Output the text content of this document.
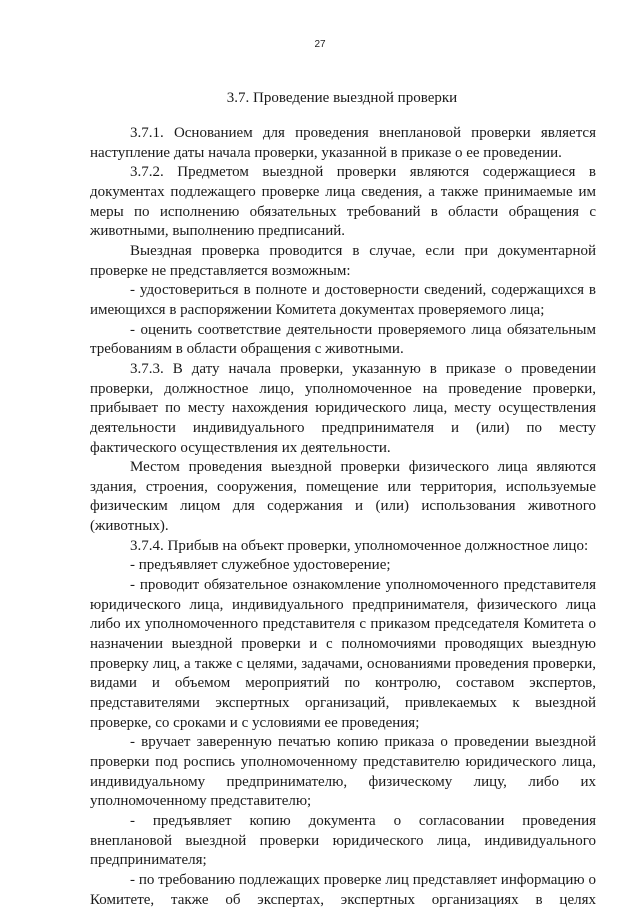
27
3.7. Проведение выездной проверки

3.7.1. Основанием для проведения внеплановой проверки является наступление даты начала проверки, указанной в приказе о ее проведении.

3.7.2. Предметом выездной проверки являются содержащиеся в документах подлежащего проверке лица сведения, а также принимаемые им меры по исполнению обязательных требований в области обращения с животными, выполнению предписаний.

Выездная проверка проводится в случае, если при документарной проверке не представляется возможным:

- удостовериться в полноте и достоверности сведений, содержащихся в имеющихся в распоряжении Комитета документах проверяемого лица;

- оценить соответствие деятельности проверяемого лица обязательным требованиям в области обращения с животными.

3.7.3. В дату начала проверки, указанную в приказе о проведении проверки, должностное лицо, уполномоченное на проведение проверки, прибывает по месту нахождения юридического лица, месту осуществления деятельности индивидуального предпринимателя и (или) по месту фактического осуществления их деятельности.

Местом проведения выездной проверки физического лица являются здания, строения, сооружения, помещение или территория, используемые физическим лицом для содержания и (или) использования животного (животных).

3.7.4. Прибыв на объект проверки, уполномоченное должностное лицо:

- предъявляет служебное удостоверение;

- проводит обязательное ознакомление уполномоченного представителя юридического лица, индивидуального предпринимателя, физического лица либо их уполномоченного представителя с приказом председателя Комитета о назначении выездной проверки и с полномочиями проводящих выездную проверку лиц, а также с целями, задачами, основаниями проведения проверки, видами и объемом мероприятий по контролю, составом экспертов, представителями экспертных организаций, привлекаемых к выездной проверке, со сроками и с условиями ее проведения;

- вручает заверенную печатью копию приказа о проведении выездной проверки под роспись уполномоченному представителю юридического лица, индивидуальному предпринимателю, физическому лицу, либо их уполномоченному представителю;

- предъявляет копию документа о согласовании проведения внеплановой выездной проверки юридического лица, индивидуального предпринимателя;

- по требованию подлежащих проверке лиц представляет информацию о Комитете, также об экспертах, экспертных организациях в целях
